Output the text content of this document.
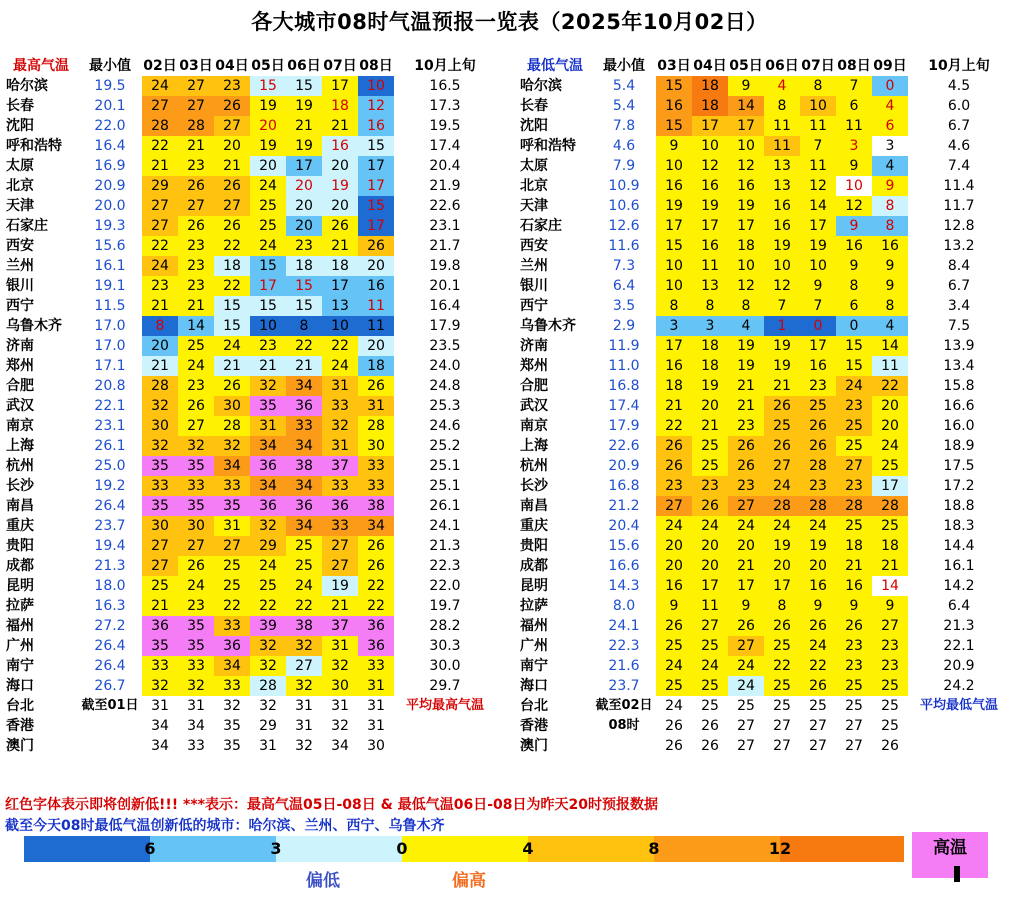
各大城市08时气温预报一览表（2025年10月02日）
最高气温	最小值	02日	03日	04日	05日	06日	07日	08日	10月上旬
哈尔滨	19.5	24	27	23	15	15	17	10	16.5
长春	20.1	27	27	26	19	19	18	12	17.3
沈阳	22.0	28	28	27	20	21	21	16	19.5
呼和浩特	16.4	22	21	20	19	19	16	15	17.4
太原	16.9	21	23	21	20	17	20	17	20.4
北京	20.9	29	26	26	24	20	19	17	21.9
天津	20.0	27	27	27	25	20	20	15	22.6
石家庄	19.3	27	26	26	25	20	26	17	23.1
西安	15.6	22	23	22	24	23	21	26	21.7
兰州	16.1	24	23	18	15	18	18	20	19.8
银川	19.1	23	23	22	17	15	17	16	20.1
西宁	11.5	21	21	15	15	15	13	11	16.4
乌鲁木齐	17.0	8	14	15	10	8	10	11	17.9
济南	17.0	20	25	24	23	22	22	20	23.5
郑州	17.1	21	24	21	21	21	24	18	24.0
合肥	20.8	28	23	26	32	34	31	26	24.8
武汉	22.1	32	26	30	35	36	33	31	25.3
南京	23.1	30	27	28	31	33	32	28	24.6
上海	26.1	32	32	32	34	34	31	30	25.2
杭州	25.0	35	35	34	36	38	37	33	25.1
长沙	19.2	33	33	33	34	34	33	33	25.1
南昌	26.4	35	35	35	36	36	36	38	26.1
重庆	23.7	30	30	31	32	34	33	34	24.1
贵阳	19.4	27	27	27	29	25	27	26	21.3
成都	21.3	27	26	25	24	25	27	26	22.3
昆明	18.0	25	24	25	25	24	19	22	22.0
拉萨	16.3	21	23	22	22	22	21	22	19.7
福州	27.2	36	35	33	39	38	37	36	28.2
广州	26.4	35	35	36	32	32	31	36	30.3
南宁	26.4	33	33	34	32	27	32	33	30.0
海口	26.7	32	32	33	28	32	30	31	29.7
台北	截至01日	31	31	32	32	31	31	31	平均最高气温
香港		34	34	35	29	31	32	31	
澳门		34	33	35	31	32	34	30	
最低气温	最小值	03日	04日	05日	06日	07日	08日	09日	10月上旬
哈尔滨	5.4	15	18	9	4	8	7	0	4.5
长春	5.4	16	18	14	8	10	6	4	6.0
沈阳	7.8	15	17	17	11	11	11	6	6.7
呼和浩特	4.6	9	10	10	11	7	3	3	4.6
太原	7.9	10	12	12	13	11	9	4	7.4
北京	10.9	16	16	16	13	12	10	9	11.4
天津	10.6	19	19	19	16	14	12	8	11.7
石家庄	12.6	17	17	17	16	17	9	8	12.8
西安	11.6	15	16	18	19	19	16	16	13.2
兰州	7.3	10	11	10	10	10	9	9	8.4
银川	6.4	10	13	12	12	9	8	9	6.7
西宁	3.5	8	8	8	7	7	6	8	3.4
乌鲁木齐	2.9	3	3	4	1	0	0	4	7.5
济南	11.9	17	18	19	19	17	15	14	13.9
郑州	11.0	16	18	19	19	16	15	11	13.4
合肥	16.8	18	19	21	21	23	24	22	15.8
武汉	17.4	21	20	21	26	25	23	20	16.6
南京	17.9	22	21	23	25	26	25	20	16.0
上海	22.6	26	25	26	26	26	25	24	18.9
杭州	20.9	26	25	26	27	28	27	25	17.5
长沙	16.8	23	23	23	24	23	23	17	17.2
南昌	21.2	27	26	27	28	28	28	28	18.8
重庆	20.4	24	24	24	24	24	25	25	18.3
贵阳	15.6	20	20	20	19	19	18	18	14.4
成都	16.6	20	20	21	20	20	21	21	16.1
昆明	14.3	16	17	17	17	16	16	14	14.2
拉萨	8.0	9	11	9	8	9	9	9	6.4
福州	24.1	26	27	26	26	26	26	27	21.3
广州	22.3	25	25	27	25	24	23	23	22.1
南宁	21.6	24	24	24	22	22	23	23	20.9
海口	23.7	25	25	24	25	26	25	25	24.2
台北	截至02日	24	25	25	25	25	25	25	平均最低气温
香港	08时	26	26	27	27	27	27	25	
澳门		26	26	27	27	27	27	26	
红色字体表示即将创新低!!! ***表示：最高气温05日-08日 & 最低气温06日-08日为昨天20时预报数据
截至今天08时最低气温创新低的城市：哈尔滨、兰州、西宁、乌鲁木齐
6	3	0	4	8	12	高温
偏低	偏高
